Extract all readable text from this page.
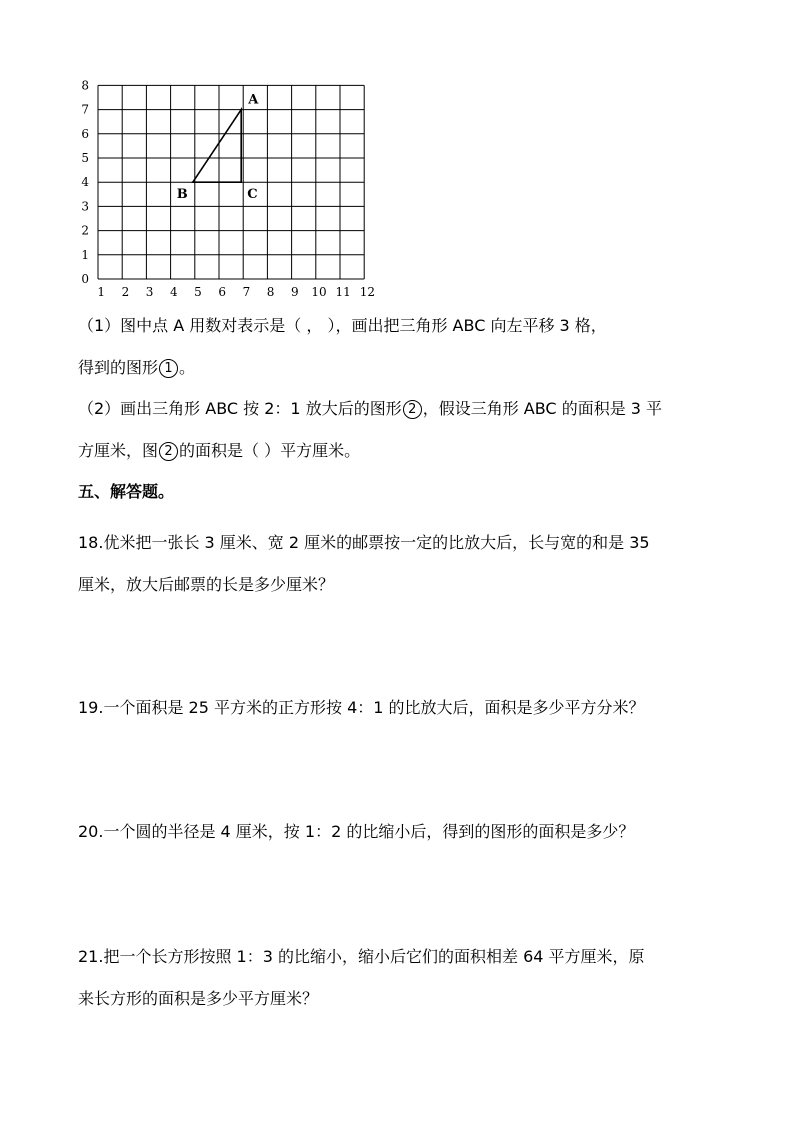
1 2 3 4 5 6 7 8 9 10 11 12
0
1
2
3
4
5
6
7
8
A
B	C
（1）图中点 A 用数对表示是（ ， ），画出把三角形 ABC 向左平移 3 格，
得到的图形 1 。
（2）画出三角形 ABC 按 2：1 放大后的图形 2 ，假设三角形 ABC 的面积是 3 平
方厘米，图 2 的面积是（ ）平方厘米。
五、解答题。
18.优米把一张长 3 厘米、宽 2 厘米的邮票按一定的比放大后，长与宽的和是 35
厘米，放大后邮票的长是多少厘米？
19.一个面积是 25 平方米的正方形按 4：1 的比放大后，面积是多少平方分米？
20.一个圆的半径是 4 厘米，按 1：2 的比缩小后，得到的图形的面积是多少？
21.把一个长方形按照 1：3 的比缩小，缩小后它们的面积相差 64 平方厘米，原
来长方形的面积是多少平方厘米？
